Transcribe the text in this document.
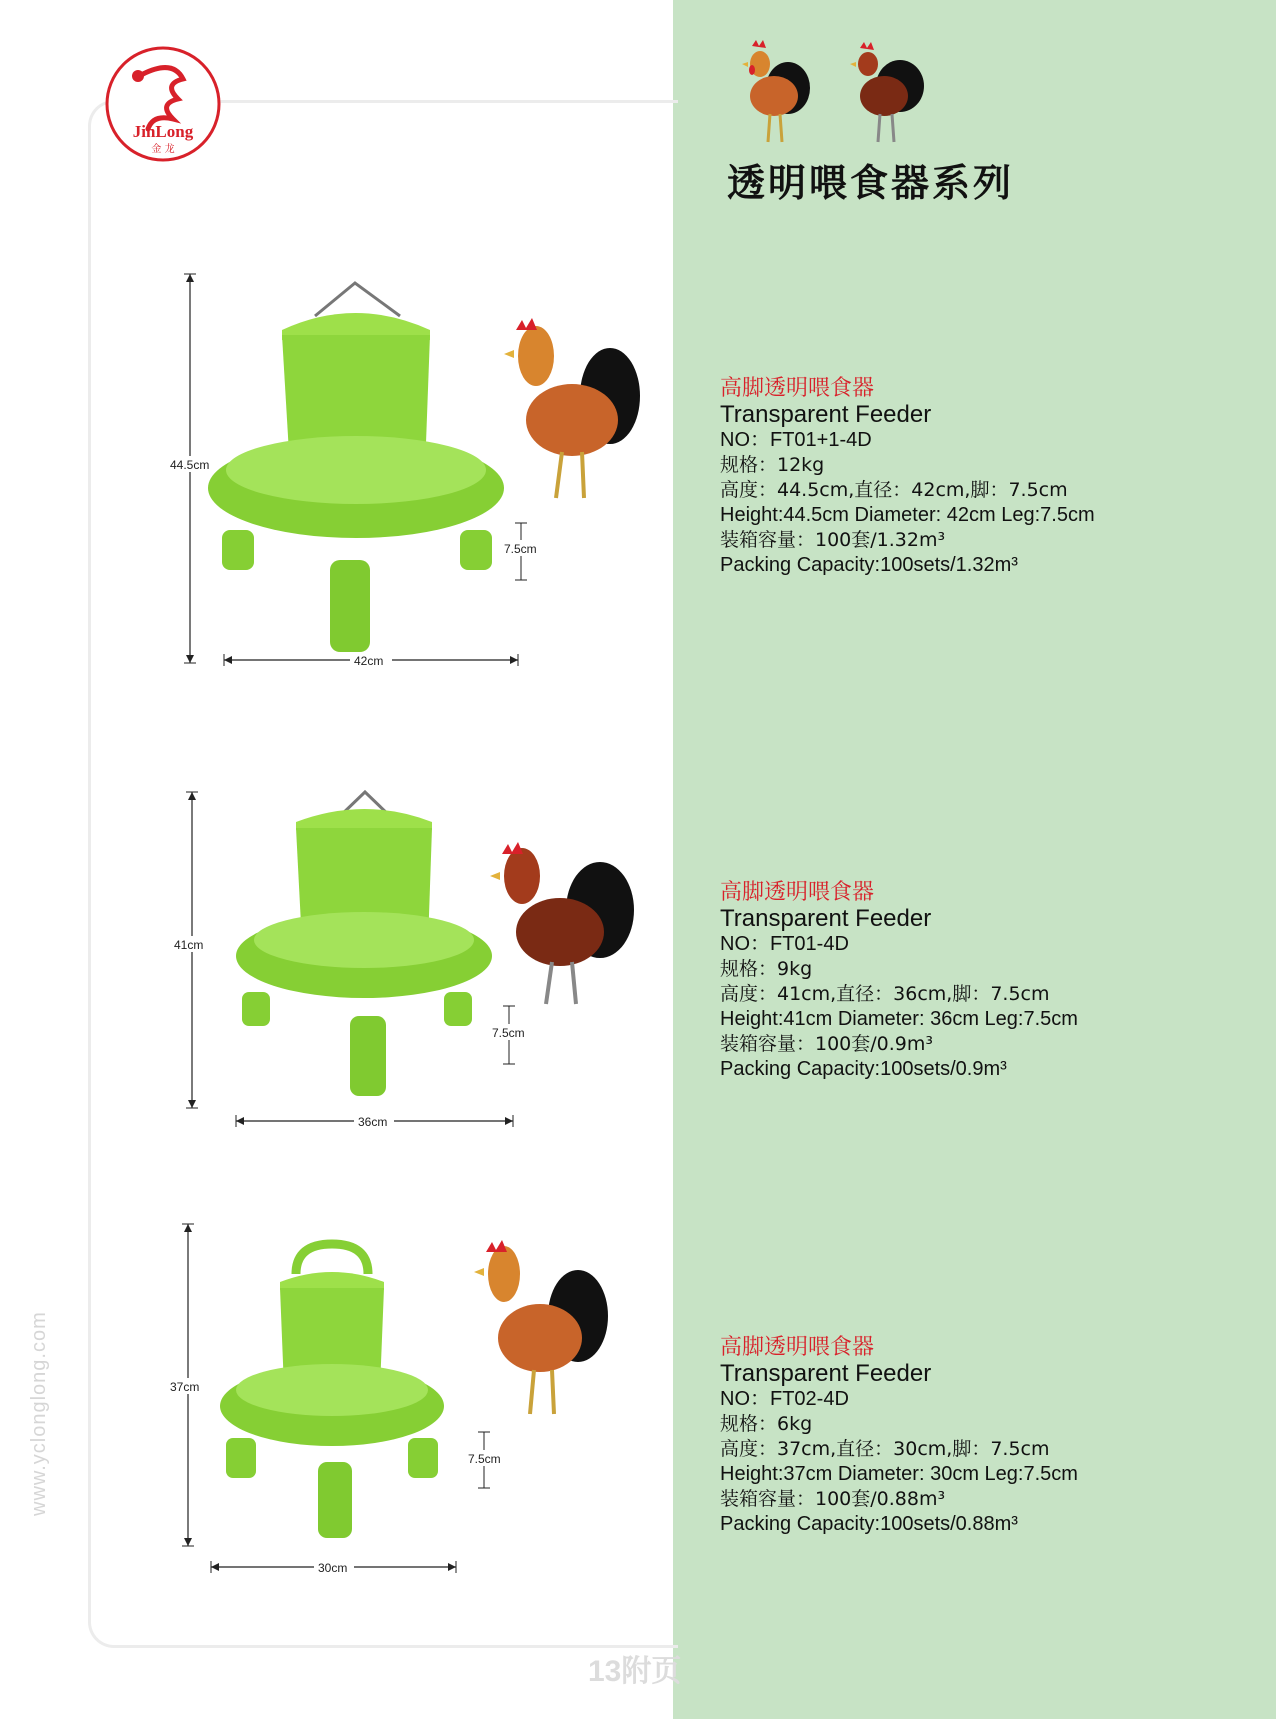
JinLong
金 龙
www.yclonglong.com
13附页
透明喂食器系列
44.5cm
42cm
7.5cm
高脚透明喂食器
Transparent Feeder
NO：FT01+1-4D
规格：12kg
高度：44.5cm,直径：42cm,脚：7.5cm
Height:44.5cm Diameter: 42cm Leg:7.5cm
装箱容量：100套/1.32m³
Packing Capacity:100sets/1.32m³
41cm
36cm
7.5cm
高脚透明喂食器
Transparent Feeder
NO：FT01-4D
规格：9kg
高度：41cm,直径：36cm,脚：7.5cm
Height:41cm Diameter: 36cm Leg:7.5cm
装箱容量：100套/0.9m³
Packing Capacity:100sets/0.9m³
37cm
30cm
7.5cm
高脚透明喂食器
Transparent Feeder
NO：FT02-4D
规格：6kg
高度：37cm,直径：30cm,脚：7.5cm
Height:37cm Diameter: 30cm Leg:7.5cm
装箱容量：100套/0.88m³
Packing Capacity:100sets/0.88m³
